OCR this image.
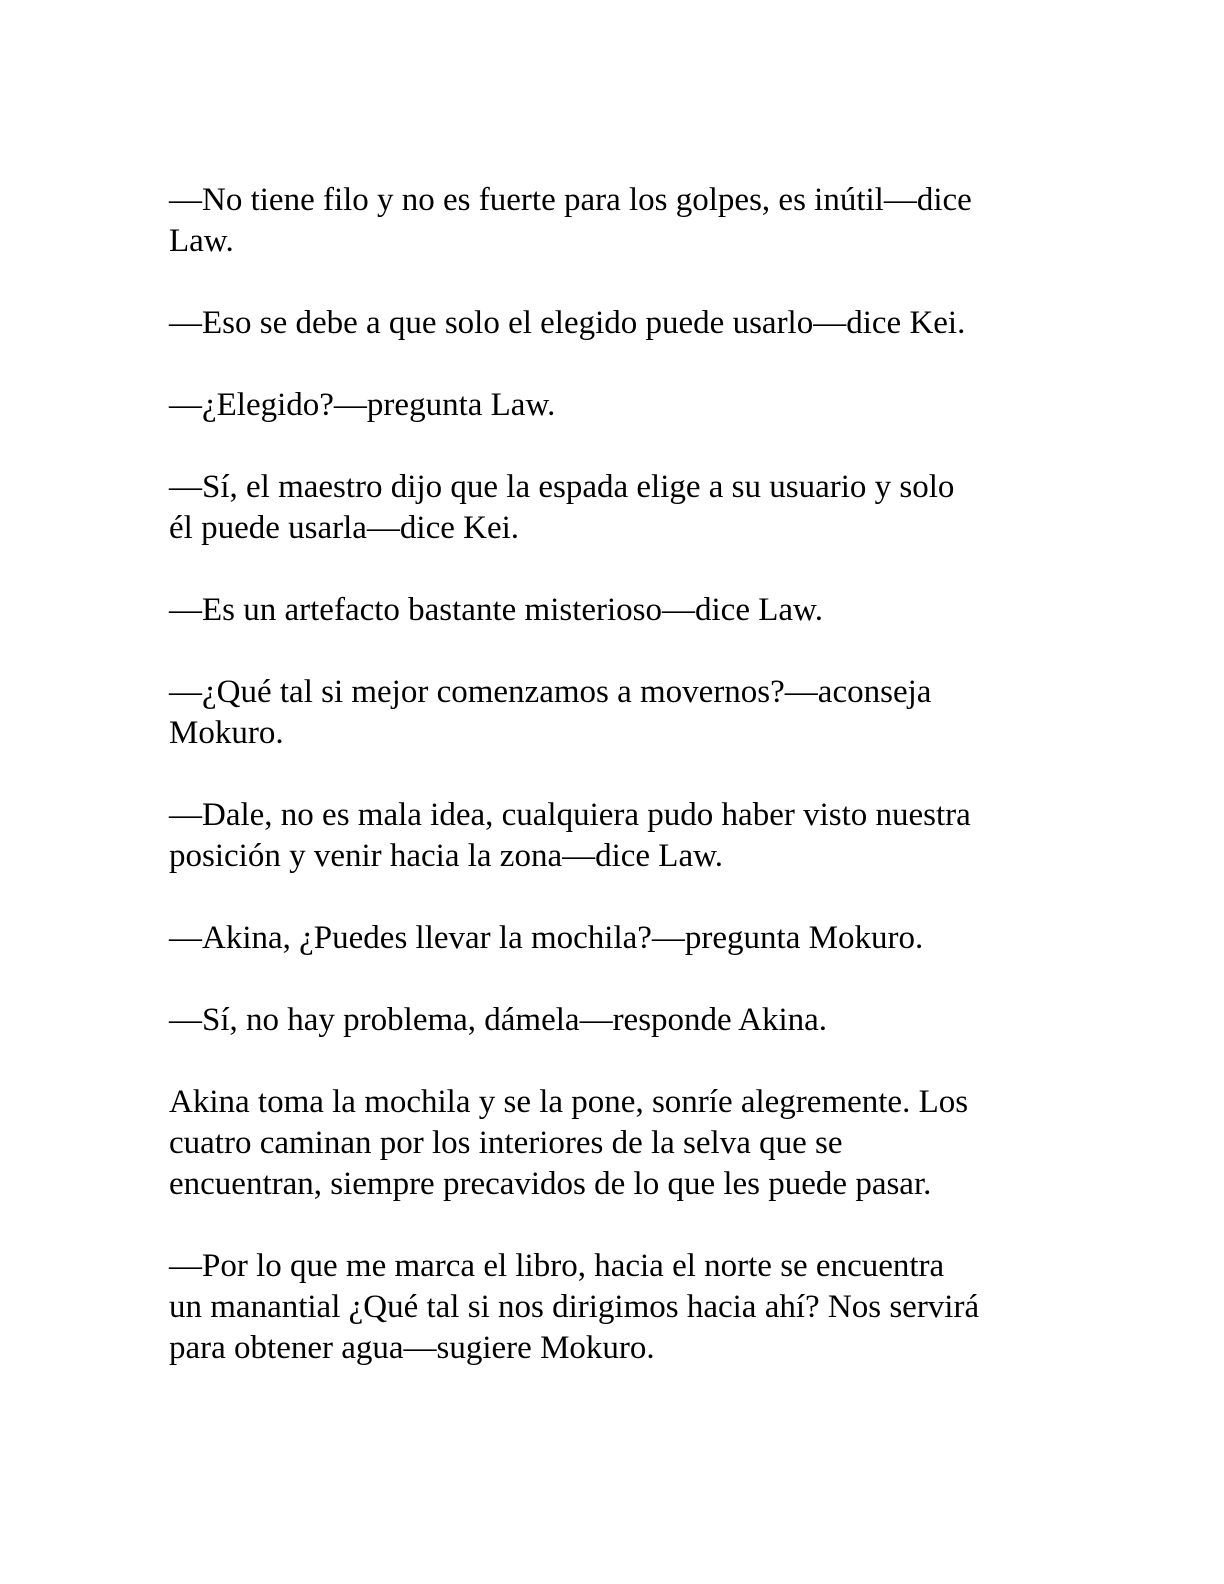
—No tiene filo y no es fuerte para los golpes, es inútil—dice
Law.

—Eso se debe a que solo el elegido puede usarlo—dice Kei.

—¿Elegido?—pregunta Law.

—Sí, el maestro dijo que la espada elige a su usuario y solo
él puede usarla—dice Kei.

—Es un artefacto bastante misterioso—dice Law.

—¿Qué tal si mejor comenzamos a movernos?—aconseja
Mokuro.

—Dale, no es mala idea, cualquiera pudo haber visto nuestra
posición y venir hacia la zona—dice Law.

—Akina, ¿Puedes llevar la mochila?—pregunta Mokuro.

—Sí, no hay problema, dámela—responde Akina.

Akina toma la mochila y se la pone, sonríe alegremente. Los
cuatro caminan por los interiores de la selva que se
encuentran, siempre precavidos de lo que les puede pasar.

—Por lo que me marca el libro, hacia el norte se encuentra
un manantial ¿Qué tal si nos dirigimos hacia ahí? Nos servirá
para obtener agua—sugiere Mokuro.
